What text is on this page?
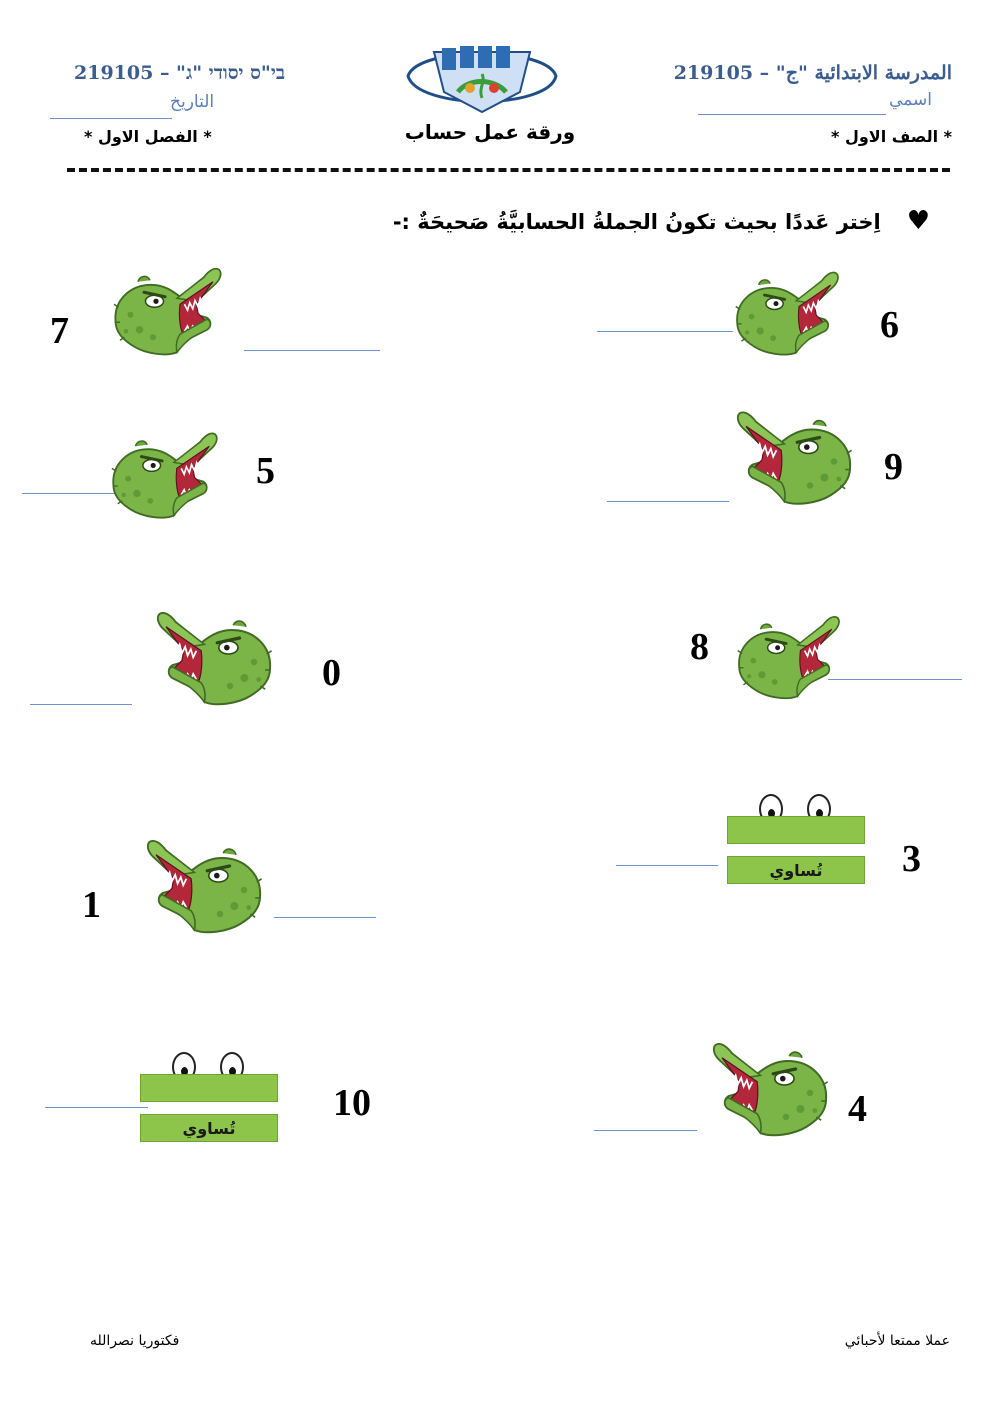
المدرسة الابتدائية "ج" – 219105
בי"ס יסודי "ג" – 219105
اسمي
التاريخ
* الصف الاول *
* الفصل الاول *	ورقة عمل حساب
♥اِختر عَددًا بحيث تكونُ الجملةُ الحسابيَّةُ صَحيحَةٌ :-
7	6
5	9
0
8
1
تُساوي	3
تُساوي
10	4
عملا ممتعا لأحبائي
فكتوريا نصرالله
